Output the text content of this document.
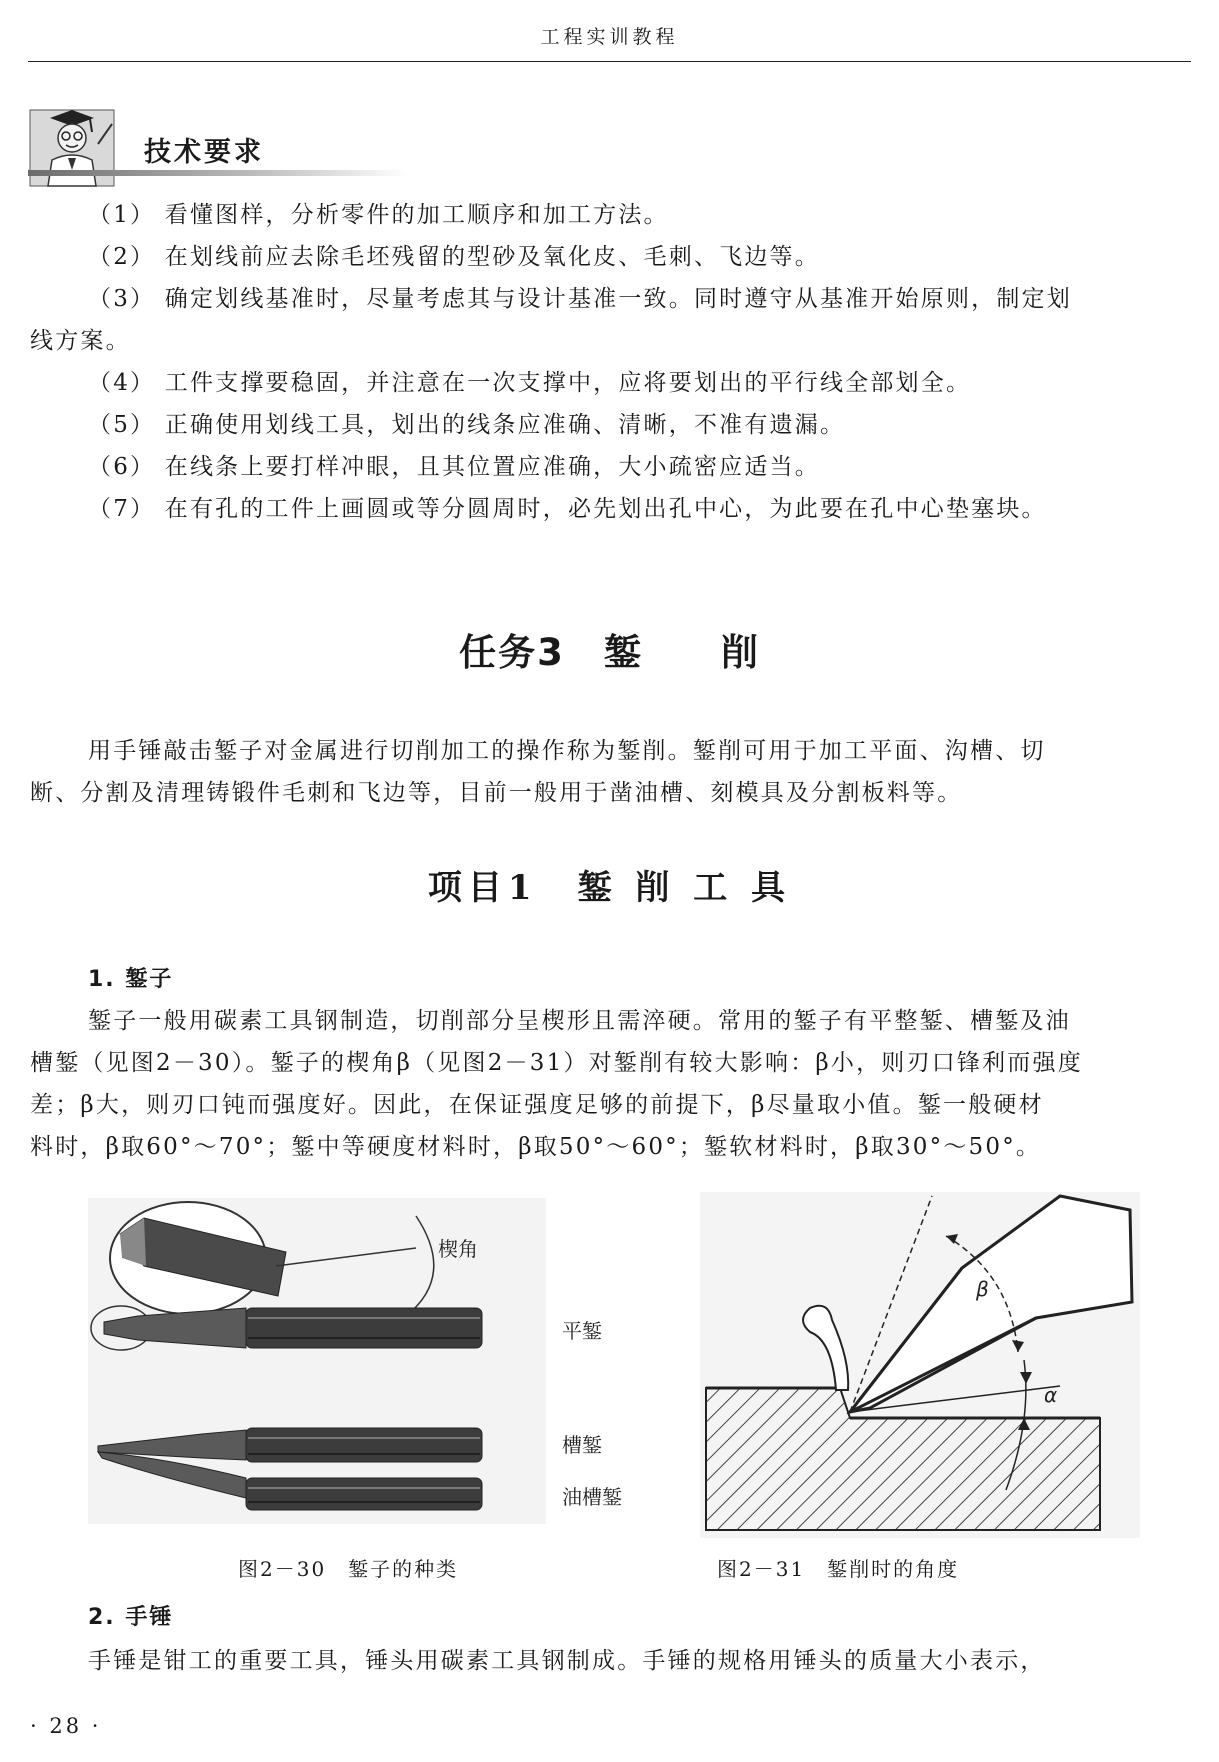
工程实训教程
技术要求
（1） 看懂图样，分析零件的加工顺序和加工方法。
（2） 在划线前应去除毛坯残留的型砂及氧化皮、毛刺、飞边等。
（3） 确定划线基准时，尽量考虑其与设计基准一致。同时遵守从基准开始原则，制定划
线方案。
（4） 工件支撑要稳固，并注意在一次支撑中，应将要划出的平行线全部划全。
（5） 正确使用划线工具，划出的线条应准确、清晰，不准有遗漏。
（6） 在线条上要打样冲眼，且其位置应准确，大小疏密应适当。
（7） 在有孔的工件上画圆或等分圆周时，必先划出孔中心，为此要在孔中心垫塞块。
任务3　錾　　削
用手锤敲击錾子对金属进行切削加工的操作称为錾削。錾削可用于加工平面、沟槽、切
断、分割及清理铸锻件毛刺和飞边等，目前一般用于凿油槽、刻模具及分割板料等。
项目1　錾 削 工 具
1. 錾子
錾子一般用碳素工具钢制造，切削部分呈楔形且需淬硬。常用的錾子有平整錾、槽錾及油
槽錾（见图2－30）。錾子的楔角β（见图2－31）对錾削有较大影响：β小，则刃口锋利而强度
差；β大，则刃口钝而强度好。因此，在保证强度足够的前提下，β尽量取小值。錾一般硬材
料时，β取60°～70°；錾中等硬度材料时，β取50°～60°；錾软材料时，β取30°～50°。
楔角
平錾
槽錾
油槽錾
图2－30　錾子的种类
β
α
图2－31　錾削时的角度
2. 手锤
手锤是钳工的重要工具，锤头用碳素工具钢制成。手锤的规格用锤头的质量大小表示，
· 28 ·
